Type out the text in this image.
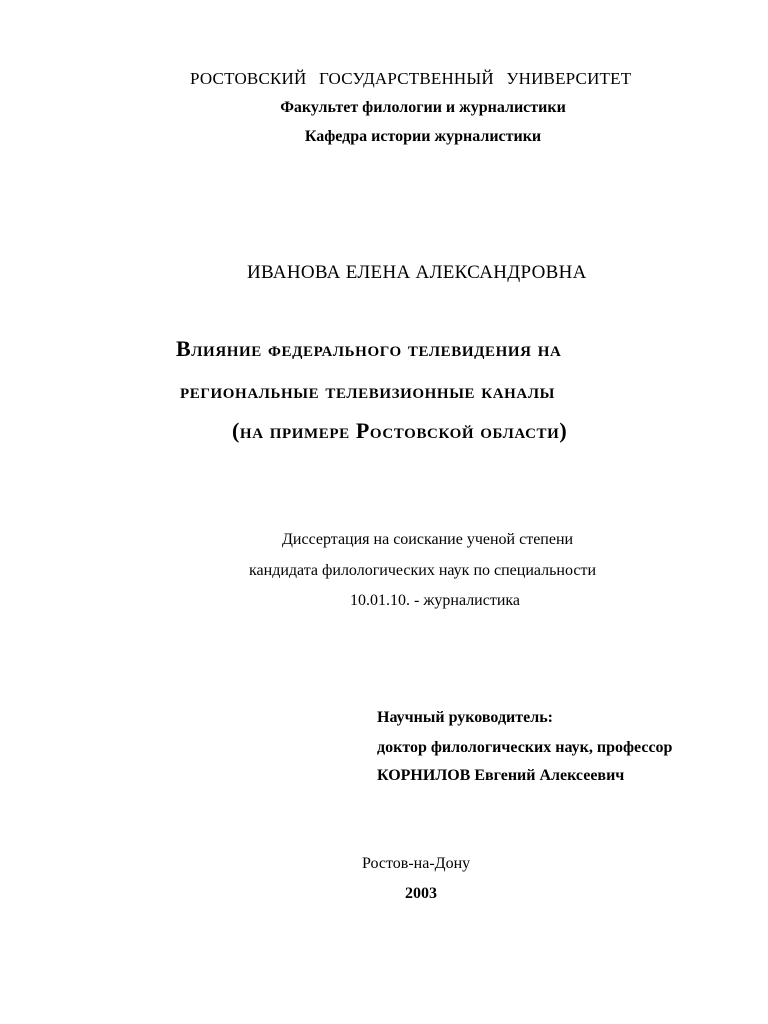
РОСТОВСКИЙ ГОСУДАРСТВЕННЫЙ УНИВЕРСИТЕТ
Факультет филологии и журналистики
Кафедра истории журналистики
ИВАНОВА ЕЛЕНА АЛЕКСАНДРОВНА
Влияние федерального телевидения на
региональные телевизионные каналы
(на примере Ростовской области)
Диссертация на соискание ученой степени
кандидата филологических наук по специальности
10.01.10. - журналистика
Научный руководитель:
доктор филологических наук, профессор
КОРНИЛОВ Евгений Алексеевич
Ростов-на-Дону
2003
